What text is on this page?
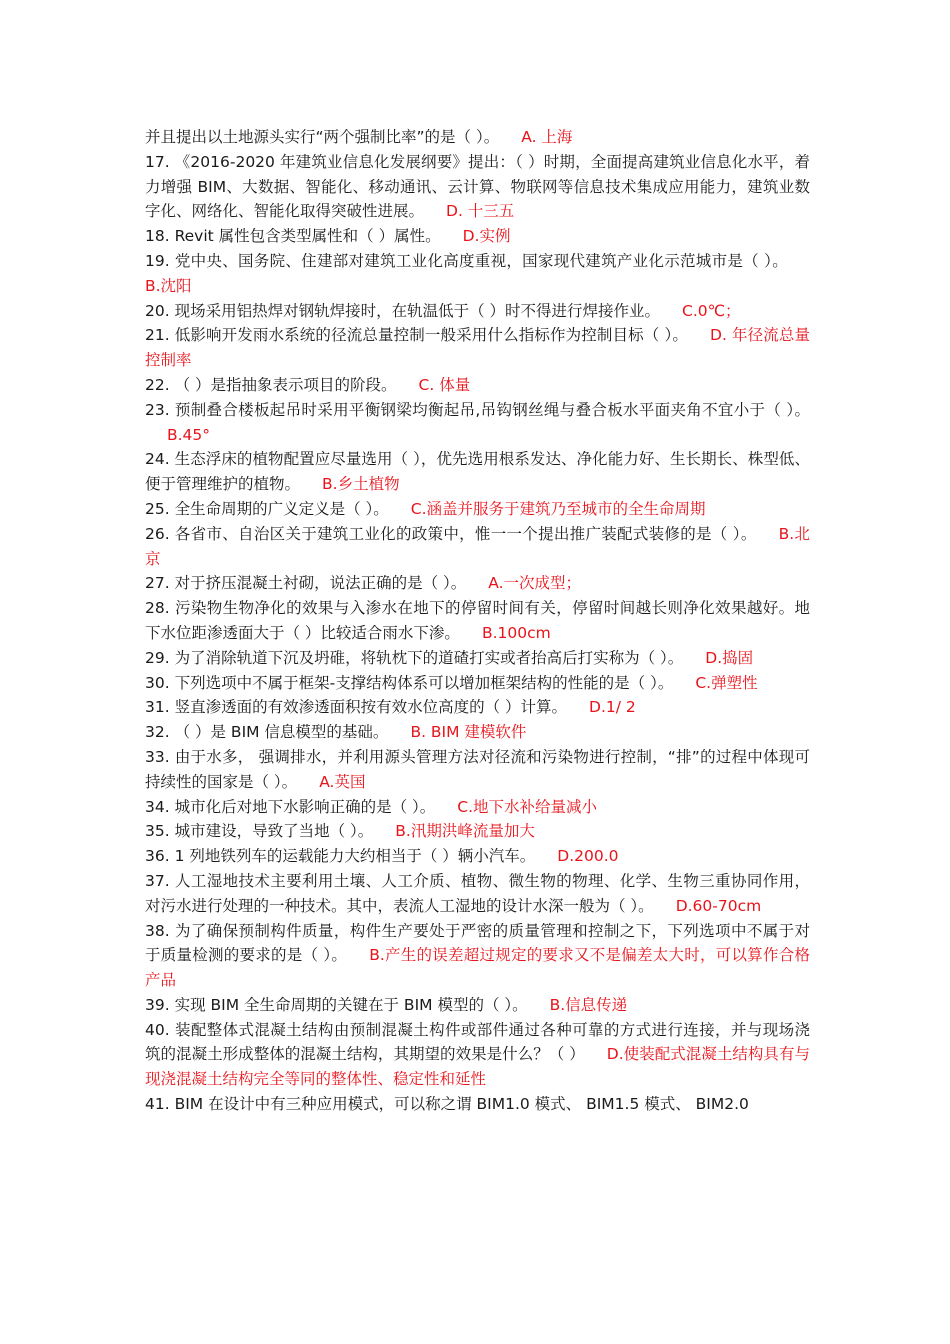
并且提出以土地源头实行“两个强制比率”的是（ ）。 A. 上海
17. 《2016-2020 年建筑业信息化发展纲要》提出：（ ）时期，全面提高建筑业信息化水平，着力增强 BIM、大数据、智能化、移动通讯、云计算、物联网等信息技术集成应用能力，建筑业数字化、网络化、智能化取得突破性进展。 D. 十三五
18. Revit 属性包含类型属性和（ ）属性。 D.实例
19. 党中央、国务院、住建部对建筑工业化高度重视，国家现代建筑产业化示范城市是（ ）。B.沈阳
20. 现场采用铝热焊对钢轨焊接时，在轨温低于（ ）时不得进行焊接作业。 C.0℃；
21. 低影响开发雨水系统的径流总量控制一般采用什么指标作为控制目标（ ）。 D. 年径流总量控制率
22. （ ）是指抽象表示项目的阶段。 C. 体量
23. 预制叠合楼板起吊时采用平衡钢梁均衡起吊,吊钩钢丝绳与叠合板水平面夹角不宜小于（ ）。B.45°
24. 生态浮床的植物配置应尽量选用（ ），优先选用根系发达、净化能力好、生长期长、株型低、便于管理维护的植物。 B.乡土植物
25. 全生命周期的广义定义是（ ）。 C.涵盖并服务于建筑乃至城市的全生命周期
26. 各省市、自治区关于建筑工业化的政策中，惟一一个提出推广装配式装修的是（ ）。 B.北京
27. 对于挤压混凝土衬砌，说法正确的是（ ）。 A.一次成型；
28. 污染物生物净化的效果与入渗水在地下的停留时间有关，停留时间越长则净化效果越好。地下水位距渗透面大于（ ）比较适合雨水下渗。 B.100cm
29. 为了消除轨道下沉及坍碓，将轨枕下的道碴打实或者抬高后打实称为（ ）。 D.捣固
30. 下列选项中不属于框架-支撑结构体系可以增加框架结构的性能的是（ ）。 C.弹塑性
31. 竖直渗透面的有效渗透面积按有效水位高度的（ ）计算。 D.1/ 2
32. （ ）是 BIM 信息模型的基础。 B. BIM 建模软件
33. 由于水多， 强调排水，并利用源头管理方法对径流和污染物进行控制，“排”的过程中体现可持续性的国家是（ ）。 A.英国
34. 城市化后对地下水影响正确的是（ ）。 C.地下水补给量减小
35. 城市建设，导致了当地（ ）。 B.汛期洪峰流量加大
36. 1 列地铁列车的运载能力大约相当于（ ）辆小汽车。 D.200.0
37. 人工湿地技术主要利用土壤、人工介质、植物、微生物的物理、化学、生物三重协同作用，对污水进行处理的一种技术。其中，表流人工湿地的设计水深一般为（ ）。 D.60-70cm
38. 为了确保预制构件质量，构件生产要处于严密的质量管理和控制之下，下列选项中不属于对于质量检测的要求的是（ ）。 B.产生的误差超过规定的要求又不是偏差太大时，可以算作合格产品
39. 实现 BIM 全生命周期的关键在于 BIM 模型的（ ）。 B.信息传递
40. 装配整体式混凝土结构由预制混凝土构件或部件通过各种可靠的方式进行连接，并与现场浇筑的混凝土形成整体的混凝土结构，其期望的效果是什么？（ ） D.使装配式混凝土结构具有与现浇混凝土结构完全等同的整体性、稳定性和延性
41. BIM 在设计中有三种应用模式，可以称之谓 BIM1.0 模式、 BIM1.5 模式、 BIM2.0
